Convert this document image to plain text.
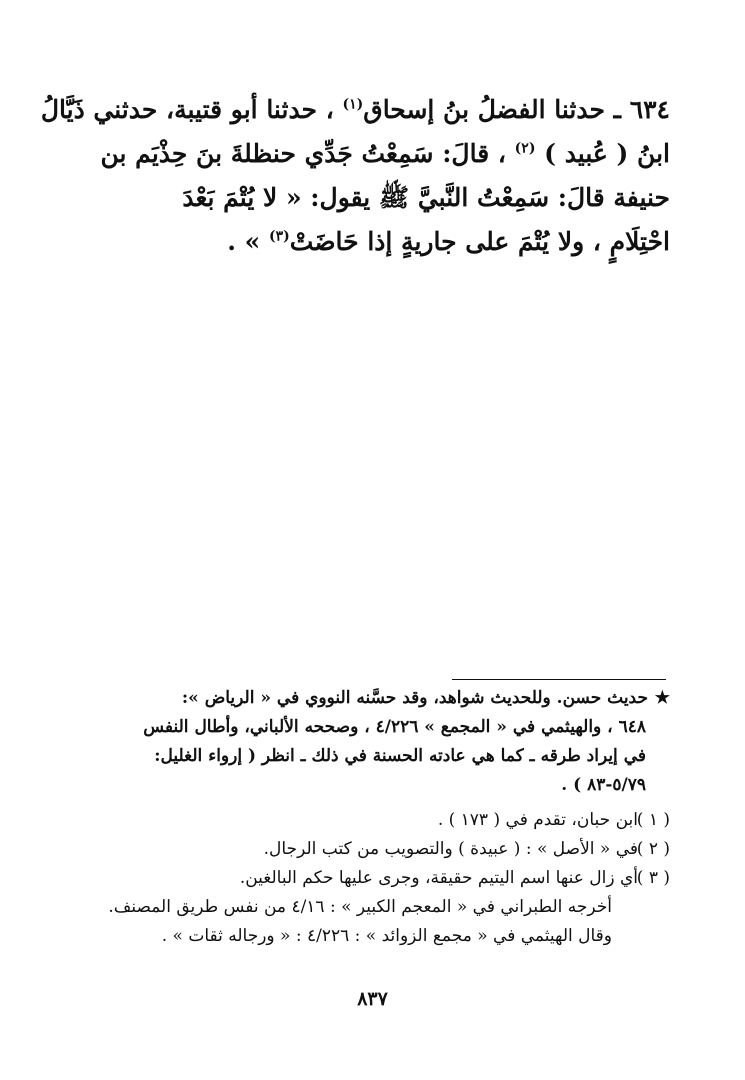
٦٣٤ ـ حدثنا الفضلُ بنُ إسحاق$^{(١)}$ ، حدثنا أبو قتيبة، حدثني ذَيَّالُ
ابنُ ( عُبيد ) $^{(٢)}$ ، قالَ: سَمِعْتُ جَدِّي حنظلةَ بنَ حِذْيَم بن
حنيفة قالَ: سَمِعْتُ النَّبيَّ ﷺ يقول: « لا يُتْمَ بَعْدَ
احْتِلَامٍ ، ولا يُتْمَ على جاريةٍ إذا حَاضَتْ$^{(٣)}$ » .
★حديث حسن. وللحديث شواهد، وقد حسَّنه النووي في « الرياض »:
٦٤٨ ، والهيثمي في « المجمع » ٤/٢٢٦ ، وصححه الألباني، وأطال النفس
في إيراد طرقه ـ كما هي عادته الحسنة في ذلك ـ انظر ( إرواء الغليل:
٥/٧٩-٨٣ ) .
( ١ )ابن حبان، تقدم في ( ١٧٣ ) .
( ٢ )في « الأصل » : ( عبيدة ) والتصويب من كتب الرجال.
( ٣ )أي زال عنها اسم اليتيم حقيقة، وجرى عليها حكم البالغين.
أخرجه الطبراني في « المعجم الكبير » : ٤/١٦ من نفس طريق المصنف.
وقال الهيثمي في « مجمع الزوائد » : ٤/٢٢٦ : « ورجاله ثقات » .
٨٣٧
